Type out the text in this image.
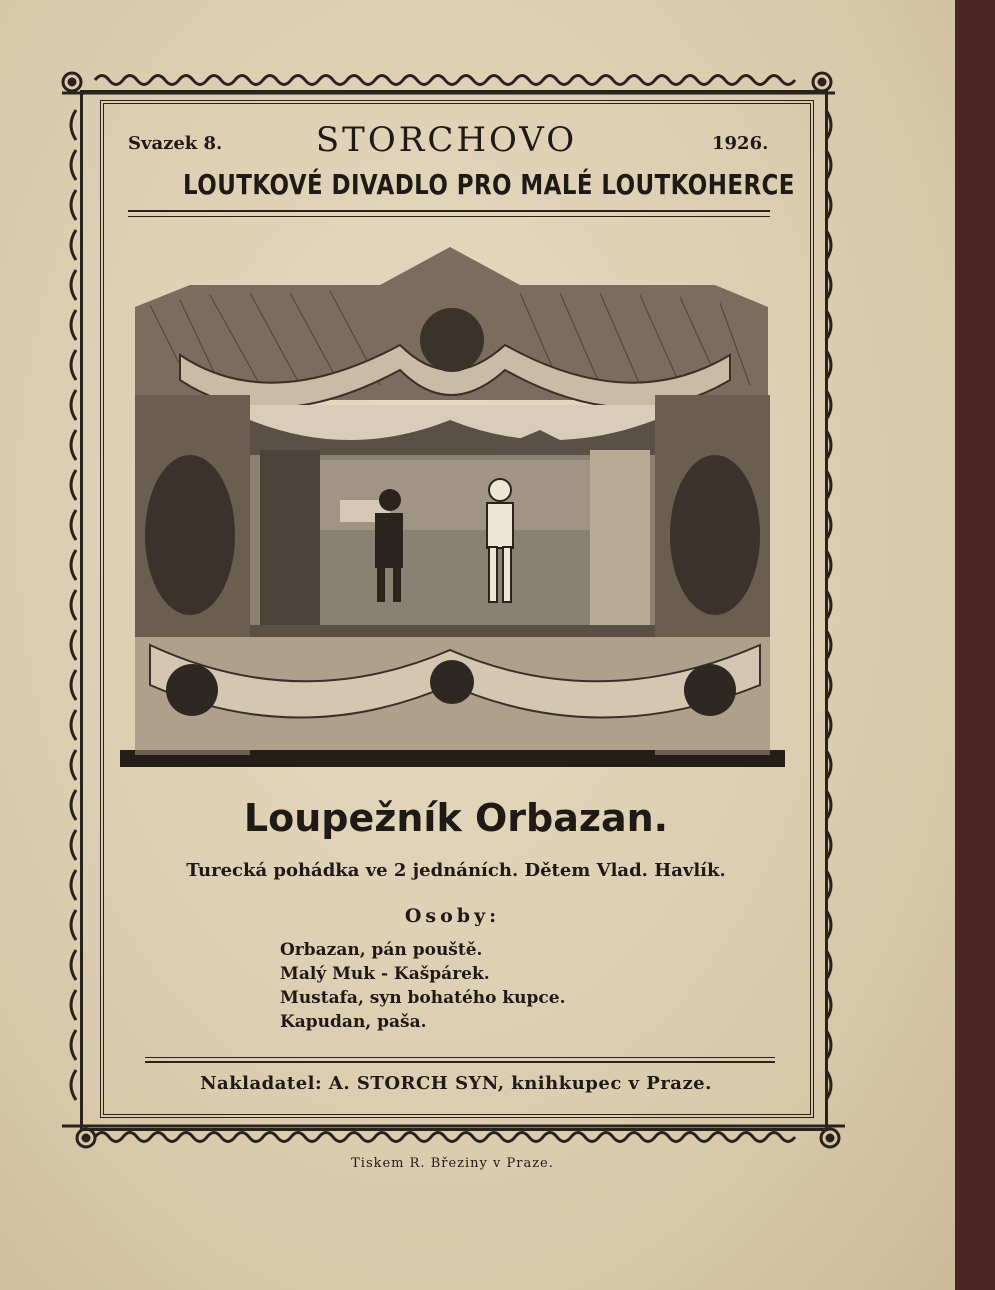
Svazek 8.	STORCHOVO	1926.
LOUTKOVÉ DIVADLO PRO MALÉ LOUTKOHERCE
Loupežník Orbazan.
Turecká pohádka ve 2 jednáních. Dětem Vlad. Havlík.
Osoby:
Orbazan, pán pouště.
Malý Muk - Kašpárek.
Mustafa, syn bohatého kupce.
Kapudan, paša.
Nakladatel: A. STORCH SYN, knihkupec v Praze.
Tiskem R. Březiny v Praze.
